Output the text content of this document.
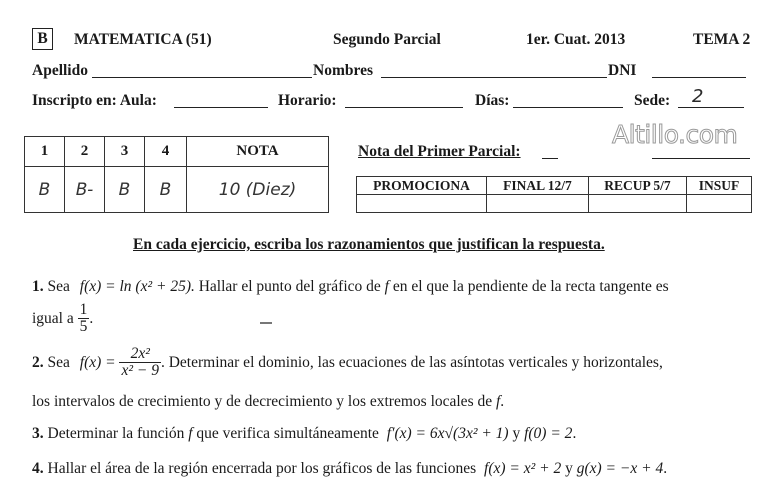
B	MATEMATICA (51)	Segundo Parcial	1er. Cuat. 2013	TEMA 2
Apellido	Nombres	DNI
Inscripto en: Aula:	Horario:	Días:	Sede: 2
1	2	3	4	NOTA
B	B-	B	B	10 (Diez)
Nota del Primer Parcial:
Altillo.com
PROMOCIONA	FINAL 12/7	RECUP 5/7	INSUF

En cada ejercicio, escriba los razonamientos que justifican la respuesta.
1. Sea f(x) = ln (x² + 25). Hallar el punto del gráfico de f en el que la pendiente de la recta tangente es
igual a $\frac{1}{5}$ .
2. Sea $f(x) = \frac{\text{2x²}}{\text{x² − 9}}$ . Determinar el dominio, las ecuaciones de las asíntotas verticales y horizontales,
los intervalos de crecimiento y de decrecimiento y los extremos locales de f.
3. Determinar la función f que verifica simultáneamente f′(x) = 6x√(3x² + 1) y f(0) = 2.
4. Hallar el área de la región encerrada por los gráficos de las funciones f(x) = x² + 2 y g(x) = −x + 4.
